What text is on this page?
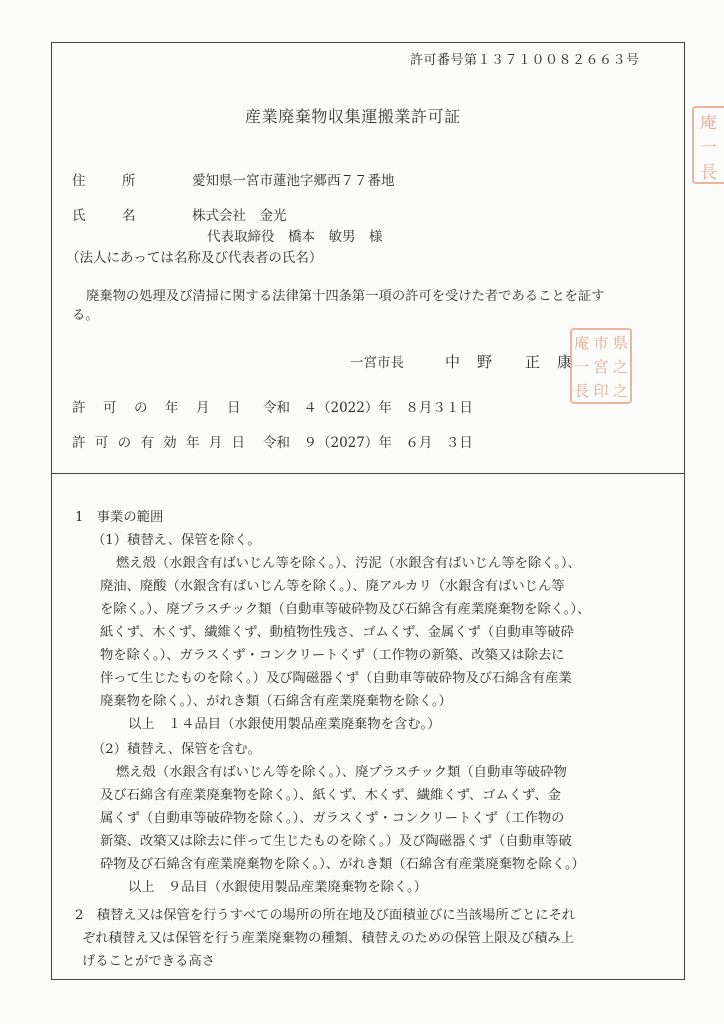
許可番号第１３７１００８２６６３号
産業廃棄物収集運搬業許可証
住	所	愛知県一宮市蓮池字郷西７７番地
氏	名	株式会社　金光
代表取締役　橋本　敏男　様
（法人にあっては名称及び代表者の氏名）
廃棄物の処理及び清掃に関する法律第十四条第一項の許可を受けた者であることを証す
る。
一宮市長	中　野　　正　康
庵 市 県
一 宮 之
長 印 之
庵
一
長
許　可　の　年　月　日 令和　４（2022）年　８月３１日
許 可 の 有 効 年 月 日 令和　９（2027）年　６月　３日
1　事業の範囲
（1）積替え、保管を除く。
燃え殻（水銀含有ばいじん等を除く。）、汚泥（水銀含有ばいじん等を除く。）、
廃油、廃酸（水銀含有ばいじん等を除く。）、廃アルカリ（水銀含有ばいじん等
を除く。）、廃プラスチック類（自動車等破砕物及び石綿含有産業廃棄物を除く。）、
紙くず、木くず、繊維くず、動植物性残さ、ゴムくず、金属くず（自動車等破砕
物を除く。）、ガラスくず・コンクリートくず（工作物の新築、改築又は除去に
伴って生じたものを除く。）及び陶磁器くず（自動車等破砕物及び石綿含有産業
廃棄物を除く。）、がれき類（石綿含有産業廃棄物を除く。）
以上　１４品目（水銀使用製品産業廃棄物を含む。）
（2）積替え、保管を含む。
燃え殻（水銀含有ばいじん等を除く。）、廃プラスチック類（自動車等破砕物
及び石綿含有産業廃棄物を除く。）、紙くず、木くず、繊維くず、ゴムくず、金
属くず（自動車等破砕物を除く。）、ガラスくず・コンクリートくず（工作物の
新築、改築又は除去に伴って生じたものを除く。）及び陶磁器くず（自動車等破
砕物及び石綿含有産業廃棄物を除く。）、がれき類（石綿含有産業廃棄物を除く。）
以上　９品目（水銀使用製品産業廃棄物を除く。）
2　積替え又は保管を行うすべての場所の所在地及び面積並びに当該場所ごとにそれ
ぞれ積替え又は保管を行う産業廃棄物の種類、積替えのための保管上限及び積み上
げることができる高さ
